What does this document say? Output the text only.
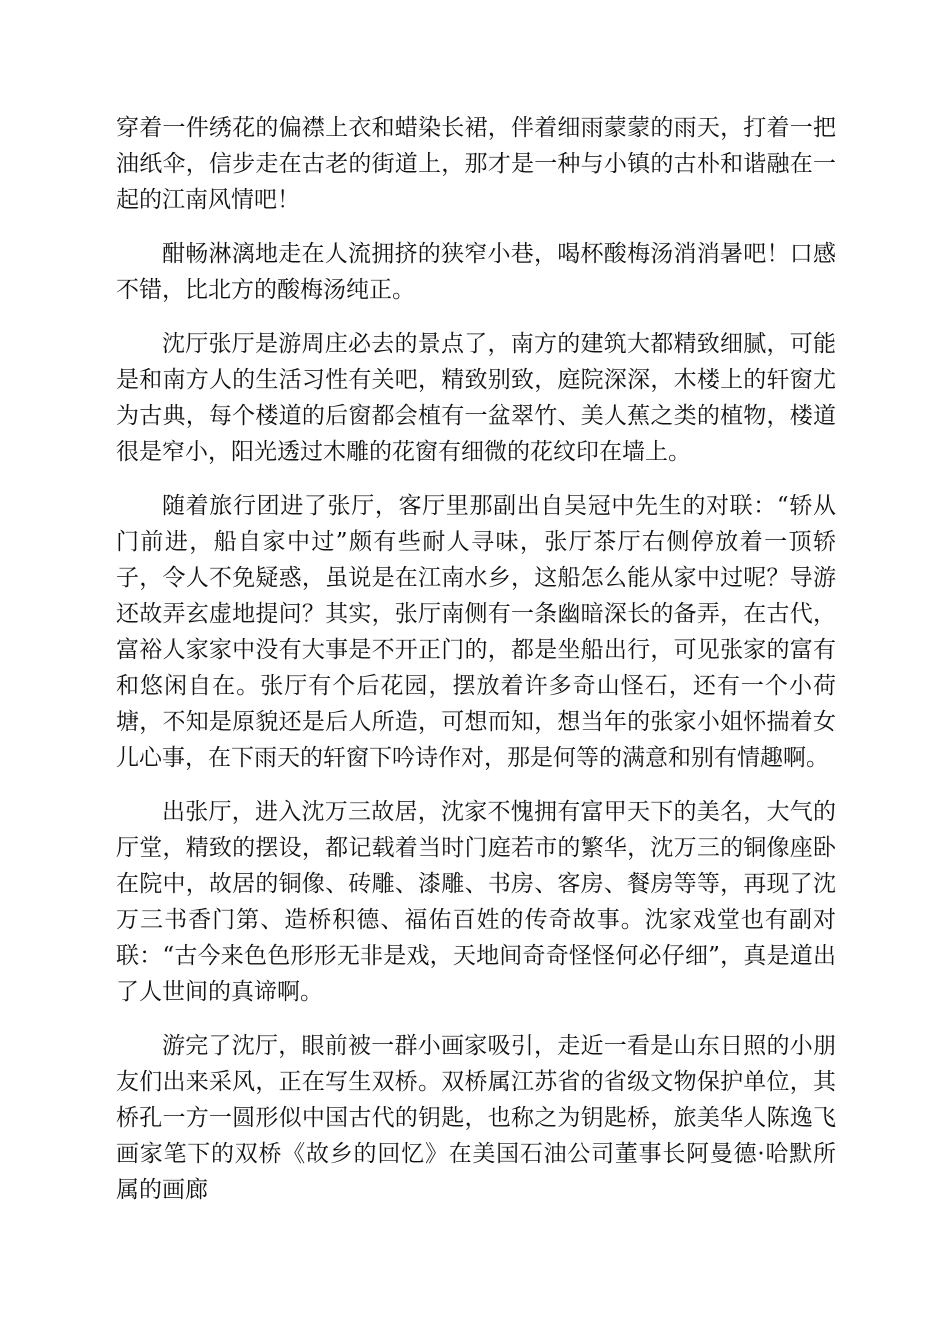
穿着一件绣花的偏襟上衣和蜡染长裙，伴着细雨蒙蒙的雨天，打着一把油纸伞，信步走在古老的街道上，那才是一种与小镇的古朴和谐融在一起的江南风情吧！

酣畅淋漓地走在人流拥挤的狭窄小巷，喝杯酸梅汤消消暑吧！口感不错，比北方的酸梅汤纯正。

沈厅张厅是游周庄必去的景点了，南方的建筑大都精致细腻，可能是和南方人的生活习性有关吧，精致别致，庭院深深，木楼上的轩窗尤为古典，每个楼道的后窗都会植有一盆翠竹、美人蕉之类的植物，楼道很是窄小，阳光透过木雕的花窗有细微的花纹印在墙上。

随着旅行团进了张厅，客厅里那副出自吴冠中先生的对联：“轿从门前进，船自家中过”颇有些耐人寻味，张厅茶厅右侧停放着一顶轿子，令人不免疑惑，虽说是在江南水乡，这船怎么能从家中过呢？导游还故弄玄虚地提问？其实，张厅南侧有一条幽暗深长的备弄，在古代，富裕人家家中没有大事是不开正门的，都是坐船出行，可见张家的富有和悠闲自在。张厅有个后花园，摆放着许多奇山怪石，还有一个小荷塘，不知是原貌还是后人所造，可想而知，想当年的张家小姐怀揣着女儿心事，在下雨天的轩窗下吟诗作对，那是何等的满意和别有情趣啊。

出张厅，进入沈万三故居，沈家不愧拥有富甲天下的美名，大气的厅堂，精致的摆设，都记载着当时门庭若市的繁华，沈万三的铜像座卧在院中，故居的铜像、砖雕、漆雕、书房、客房、餐房等等，再现了沈万三书香门第、造桥积德、福佑百姓的传奇故事。沈家戏堂也有副对联：“古今来色色形形无非是戏，天地间奇奇怪怪何必仔细”，真是道出了人世间的真谛啊。

游完了沈厅，眼前被一群小画家吸引，走近一看是山东日照的小朋友们出来采风，正在写生双桥。双桥属江苏省的省级文物保护单位，其桥孔一方一圆形似中国古代的钥匙，也称之为钥匙桥，旅美华人陈逸飞画家笔下的双桥《故乡的回忆》在美国石油公司董事长阿曼德·哈默所属的画廊
